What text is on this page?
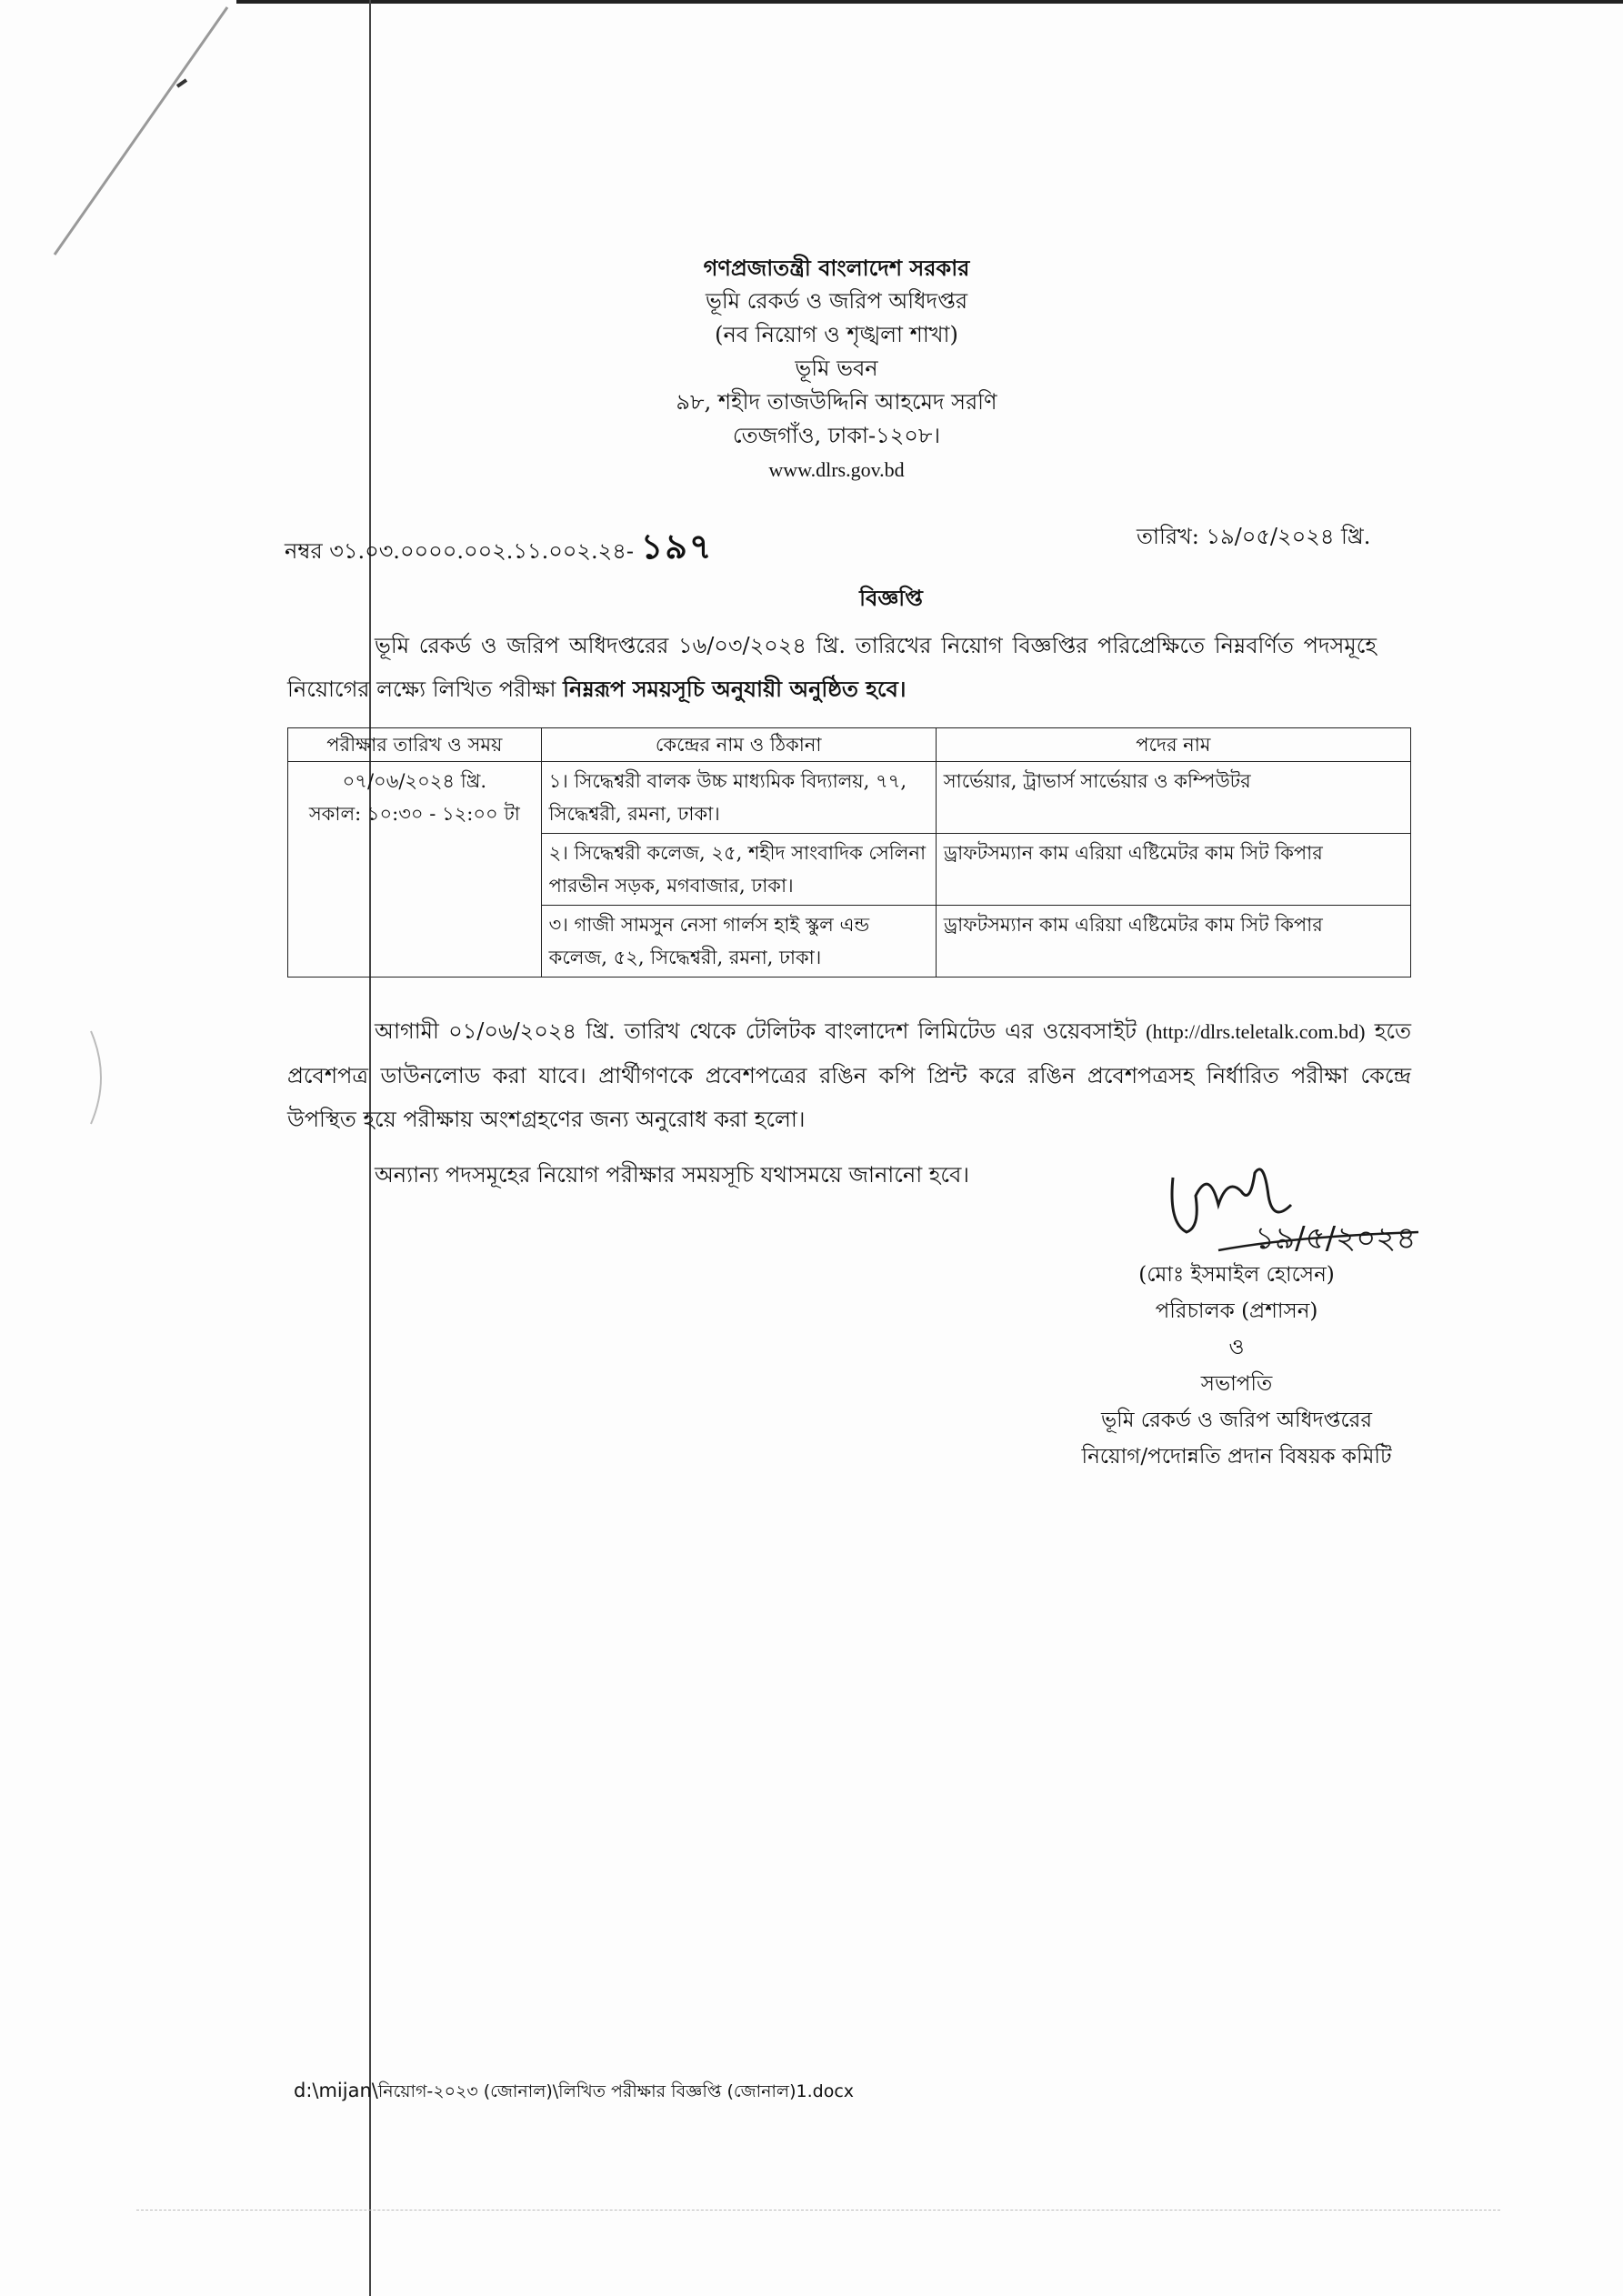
গণপ্রজাতন্ত্রী বাংলাদেশ সরকার
ভূমি রেকর্ড ও জরিপ অধিদপ্তর
(নব নিয়োগ ও শৃঙ্খলা শাখা)
ভূমি ভবন
৯৮, শহীদ তাজউদ্দিনি আহমেদ সরণি
তেজগাঁও, ঢাকা-১২০৮।
www.dlrs.gov.bd
নম্বর ৩১.০৩.০০০০.০০২.১১.০০২.২৪- ১৯৭	তারিখ: ১৯/০৫/২০২৪ খ্রি.
বিজ্ঞপ্তি
ভূমি রেকর্ড ও জরিপ অধিদপ্তরের ১৬/০৩/২০২৪ খ্রি. তারিখের নিয়োগ বিজ্ঞপ্তির পরিপ্রেক্ষিতে নিম্নবর্ণিত পদসমূহে নিয়োগের লক্ষ্যে লিখিত পরীক্ষা নিম্নরূপ সময়সূচি অনুযায়ী অনুষ্ঠিত হবে।
পরীক্ষার তারিখ ও সময়	কেন্দ্রের নাম ও ঠিকানা	পদের নাম

০৭/০৬/২০২৪ খ্রি.
সকাল: ১০:৩০ - ১২:০০ টা	১। সিদ্ধেশ্বরী বালক উচ্চ মাধ্যমিক বিদ্যালয়, ৭৭, সিদ্ধেশ্বরী, রমনা, ঢাকা।	সার্ভেয়ার, ট্রাভার্স সার্ভেয়ার ও কম্পিউটর
	২। সিদ্ধেশ্বরী কলেজ, ২৫, শহীদ সাংবাদিক সেলিনা পারভীন সড়ক, মগবাজার, ঢাকা।	ড্রাফটসম্যান কাম এরিয়া এষ্টিমেটর কাম সিট কিপার
	৩। গাজী সামসুন নেসা গার্লস হাই স্কুল এন্ড কলেজ, ৫২, সিদ্ধেশ্বরী, রমনা, ঢাকা।	ড্রাফটসম্যান কাম এরিয়া এষ্টিমেটর কাম সিট কিপার
আগামী ০১/০৬/২০২৪ খ্রি. তারিখ থেকে টেলিটক বাংলাদেশ লিমিটেড এর ওয়েবসাইট (http://dlrs.teletalk.com.bd) হতে প্রবেশপত্র ডাউনলোড করা যাবে। প্রার্থীগণকে প্রবেশপত্রের রঙিন কপি প্রিন্ট করে রঙিন প্রবেশপত্রসহ নির্ধারিত পরীক্ষা কেন্দ্রে উপস্থিত হয়ে পরীক্ষায় অংশগ্রহণের জন্য অনুরোধ করা হলো।
অন্যান্য পদসমূহের নিয়োগ পরীক্ষার সময়সূচি যথাসময়ে জানানো হবে।
১৯/৫/২০২৪
(মোঃ ইসমাইল হোসেন)
পরিচালক (প্রশাসন)
ও
সভাপতি
ভূমি রেকর্ড ও জরিপ অধিদপ্তরের
নিয়োগ/পদোন্নতি প্রদান বিষয়ক কমিটি
d:\mijan\নিয়োগ-২০২৩ (জোনাল)\লিখিত পরীক্ষার বিজ্ঞপ্তি (জোনাল)1.docx
